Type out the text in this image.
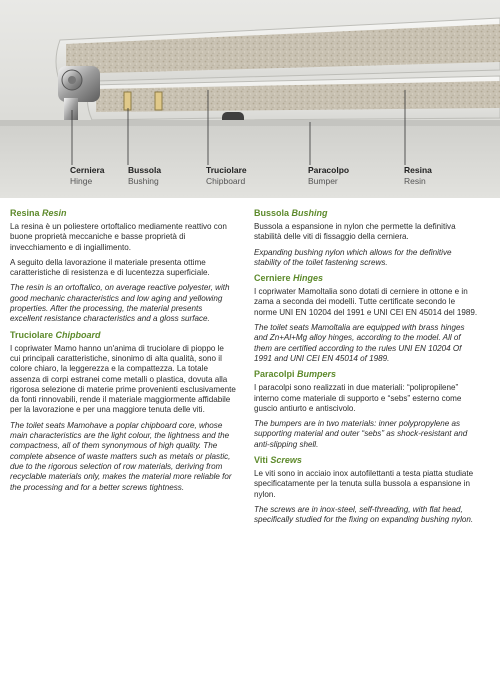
Cerniera
Hinge
Bussola
Bushing
Truciolare
Chipboard
Paracolpo
Bumper
Resina
Resin
Resina Resin

La resina è un poliestere ortoftalico mediamente reattivo con buone proprietà meccaniche e basse proprietà di invecchiamento e di ingiallimento.

A seguito della lavorazione il materiale presenta ottime caratteristiche di resistenza e di lucentezza superficiale.

The resin is an ortoftalico, on average reactive polyester, with good mechanic characteristics and low aging and yellowing properties. After the processing, the material presents excellent resistance characteristics and a gloss surface.

Truciolare Chipboard

I copriwater Mamo hanno un'anima di truciolare di pioppo le cui principali caratteristiche, sinonimo di alta qualità, sono il colore chiaro, la leggerezza e la compattezza. La totale assenza di corpi estranei come metalli o plastica, dovuta alla rigorosa selezione di materie prime provenienti esclusivamente da fonti rinnovabili, rende il materiale maggiormente affidabile per la lavorazione e per una maggiore tenuta delle viti.

The toilet seats Mamohave a poplar chipboard core, whose main characteristics are the light colour, the lightness and the compactness, all of them synonymous of high quality. The complete absence of waste matters such as metals or plastic, due to the rigorous selection of row materials, deriving from recyclable materials only, makes the material more reliable for the processing and for a better screws tightness.

Bussola Bushing

Bussola a espansione in nylon che permette la definitiva stabilità delle viti di fissaggio della cerniera.

Expanding bushing nylon which allows for the definitive stability of the toilet fastening screws.

Cerniere Hinges

I copriwater Mamoltalia sono dotati di cerniere in ottone e in zama a seconda dei modelli. Tutte certificate secondo le norme UNI EN 10204 del 1991 e UNI CEI EN 45014 del 1989.

The toilet seats Mamoltalia are equipped with brass hinges and Zn+Al+Mg alloy hinges, according to the model. All of them are certified according to the rules UNI EN 10204 Of 1991 and UNI CEI EN 45014 of 1989.

Paracolpi Bumpers

I paracolpi sono realizzati in due materiali: “polipropilene” interno come materiale di supporto e “sebs” esterno come guscio antiurto e antiscivolo.

The bumpers are in two materials: inner polypropylene as supporting material and outer “sebs” as shock-resistant and anti-slipping shell.

Viti Screws

Le viti sono in acciaio inox autofilettanti a testa piatta studiate specificatamente per la tenuta sulla bussola a espansione in nylon.

The screws are in inox-steel, self-threading, with flat head, specifically studied for the fixing on expanding bushing nylon.
